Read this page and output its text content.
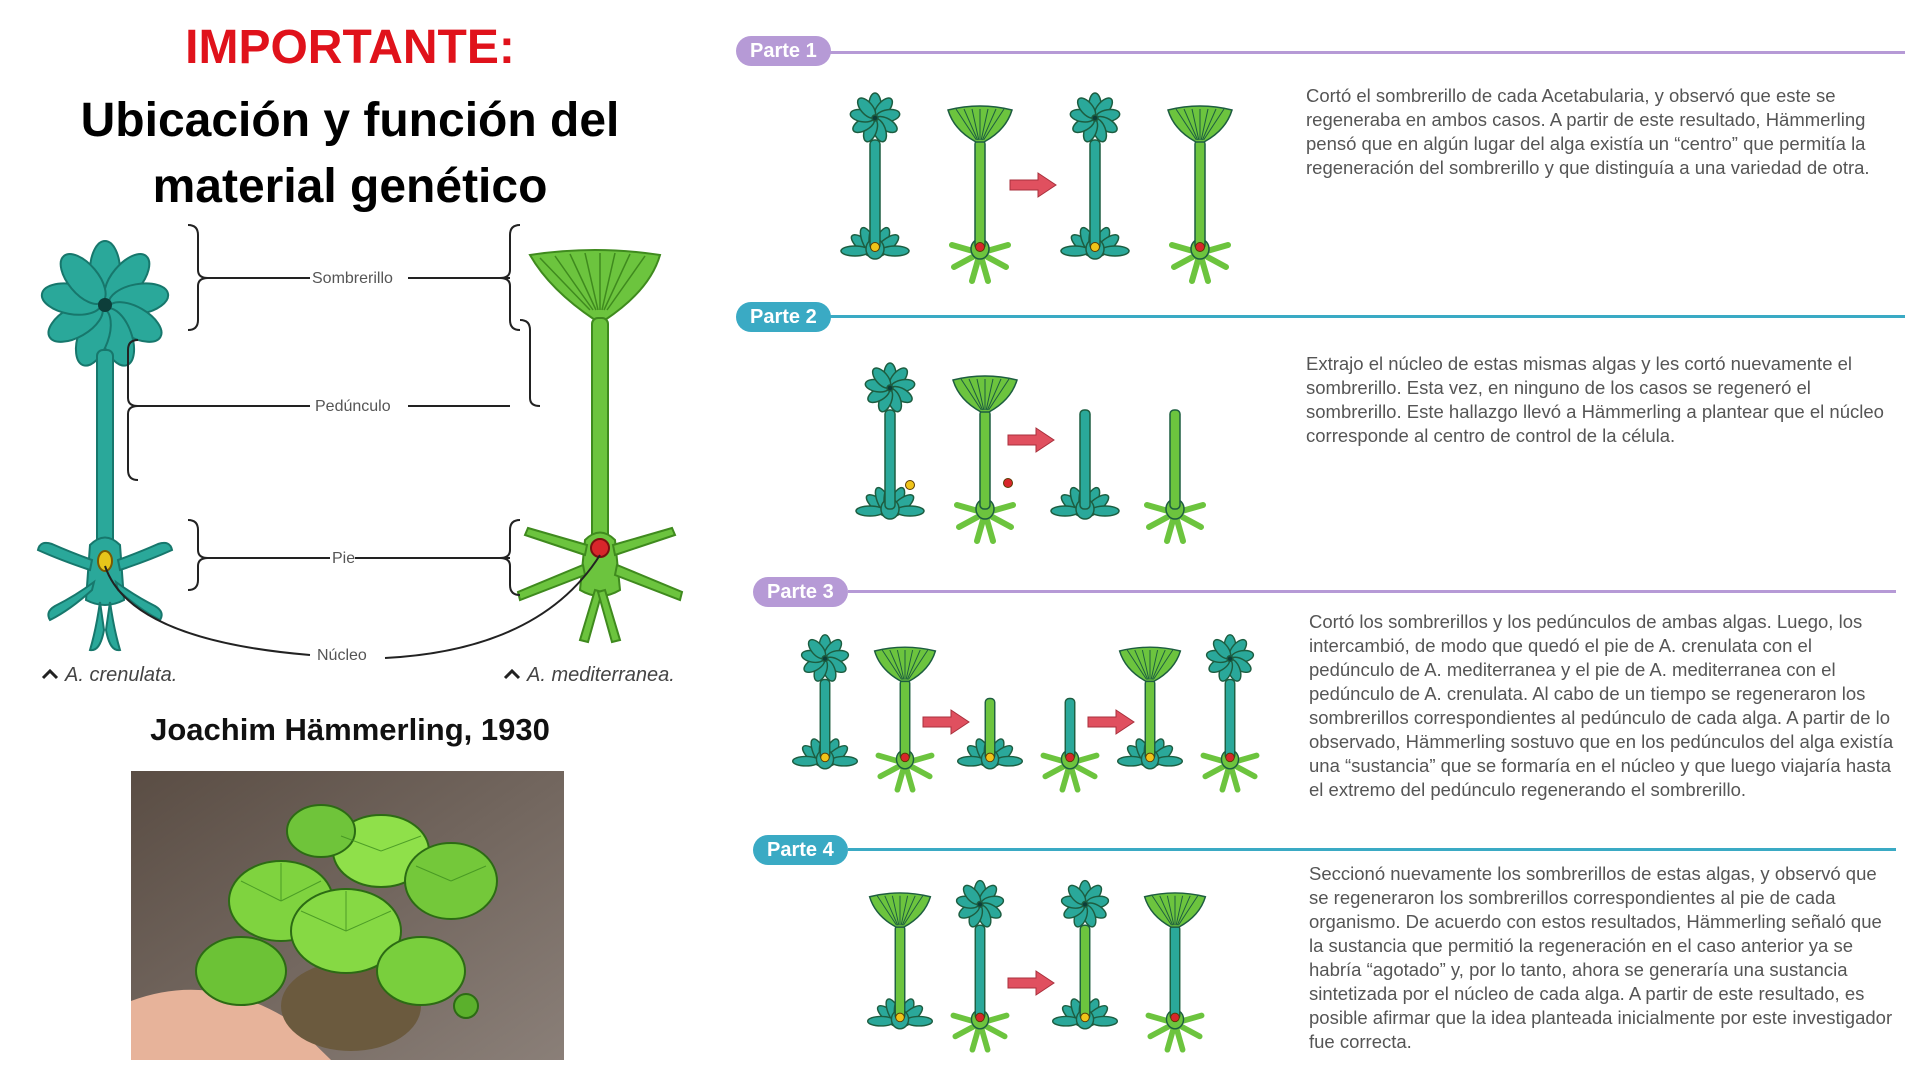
IMPORTANTE:
Ubicación y función del
material genético
Sombrerillo
Pedúnculo
Pie
Núcleo
A. crenulata.	A. mediterranea.
Joachim Hämmerling, 1930
Parte 1
Parte 2
Parte 3
Parte 4

Cortó el sombrerillo de cada Acetabularia, y observó que este se regeneraba en ambos casos. A partir de este resultado, Hämmerling pensó que en algún lugar del alga existía un “centro” que permitía la regeneración del sombrerillo y que distinguía a una variedad de otra.

Extrajo el núcleo de estas mismas algas y les cortó nuevamente el sombrerillo. Esta vez, en ninguno de los casos se regeneró el sombrerillo. Este hallazgo llevó a Hämmerling a plantear que el núcleo corresponde al centro de control de la célula.

Cortó los sombrerillos y los pedúnculos de ambas algas. Luego, los intercambió, de modo que quedó el pie de A. crenulata con el pedúnculo de A. mediterranea y el pie de A. mediterranea con el pedúnculo de A. crenulata. Al cabo de un tiempo se regeneraron los sombrerillos correspondientes al pedúnculo de cada alga. A partir de lo observado, Hämmerling sostuvo que en los pedúnculos del alga existía una “sustancia” que se formaría en el núcleo y que luego viajaría hasta el extremo del pedúnculo regenerando el sombrerillo.

Seccionó nuevamente los sombrerillos de estas algas, y observó que se regeneraron los sombrerillos correspondientes al pie de cada organismo. De acuerdo con estos resultados, Hämmerling señaló que la sustancia que permitió la regeneración en el caso anterior ya se habría “agotado” y, por lo tanto, ahora se generaría una sustancia sintetizada por el núcleo de cada alga. A partir de este resultado, es posible afirmar que la idea planteada inicialmente por este investigador fue correcta.
